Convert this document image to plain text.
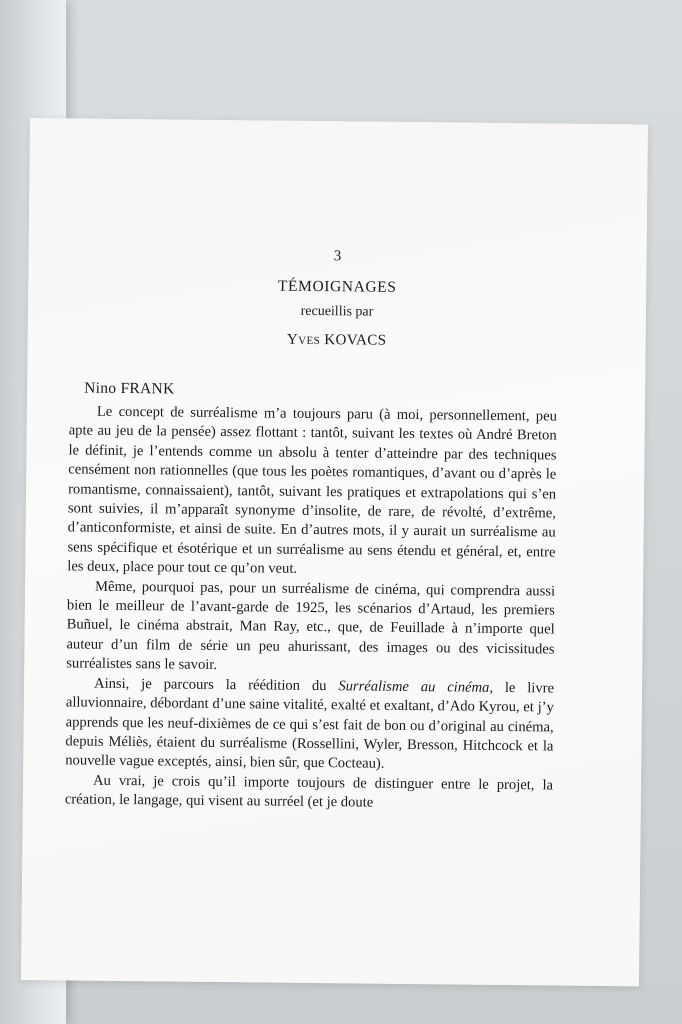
3
TÉMOIGNAGES
recueillis par
Yves KOVACS
Nino FRANK

Le concept de surréalisme m’a toujours paru (à moi, personnellement, peu apte au jeu de la pensée) assez flottant : tantôt, suivant les textes où André Breton le définit, je l’entends comme un absolu à tenter d’atteindre par des techniques censément non rationnelles (que tous les poètes romantiques, d’avant ou d’après le romantisme, connaissaient), tantôt, suivant les pratiques et extrapolations qui s’en sont suivies, il m’apparaît synonyme d’insolite, de rare, de révolté, d’extrême, d’anticonformiste, et ainsi de suite. En d’autres mots, il y aurait un surréalisme au sens spécifique et ésotérique et un surréalisme au sens étendu et général, et, entre les deux, place pour tout ce qu’on veut.

Même, pourquoi pas, pour un surréalisme de cinéma, qui comprendra aussi bien le meilleur de l’avant-garde de 1925, les scénarios d’Artaud, les premiers Buñuel, le cinéma abstrait, Man Ray, etc., que, de Feuillade à n’importe quel auteur d’un film de série un peu ahurissant, des images ou des vicissitudes surréalistes sans le savoir.

Ainsi, je parcours la réédition du Surréalisme au cinéma, le livre alluvionnaire, débordant d’une saine vitalité, exalté et exaltant, d’Ado Kyrou, et j’y apprends que les neuf-dixièmes de ce qui s’est fait de bon ou d’original au cinéma, depuis Méliès, étaient du surréalisme (Rossellini, Wyler, Bresson, Hitchcock et la nouvelle vague exceptés, ainsi, bien sûr, que Cocteau).

Au vrai, je crois qu’il importe toujours de distinguer entre le projet, la création, le langage, qui visent au surréel (et je doute
